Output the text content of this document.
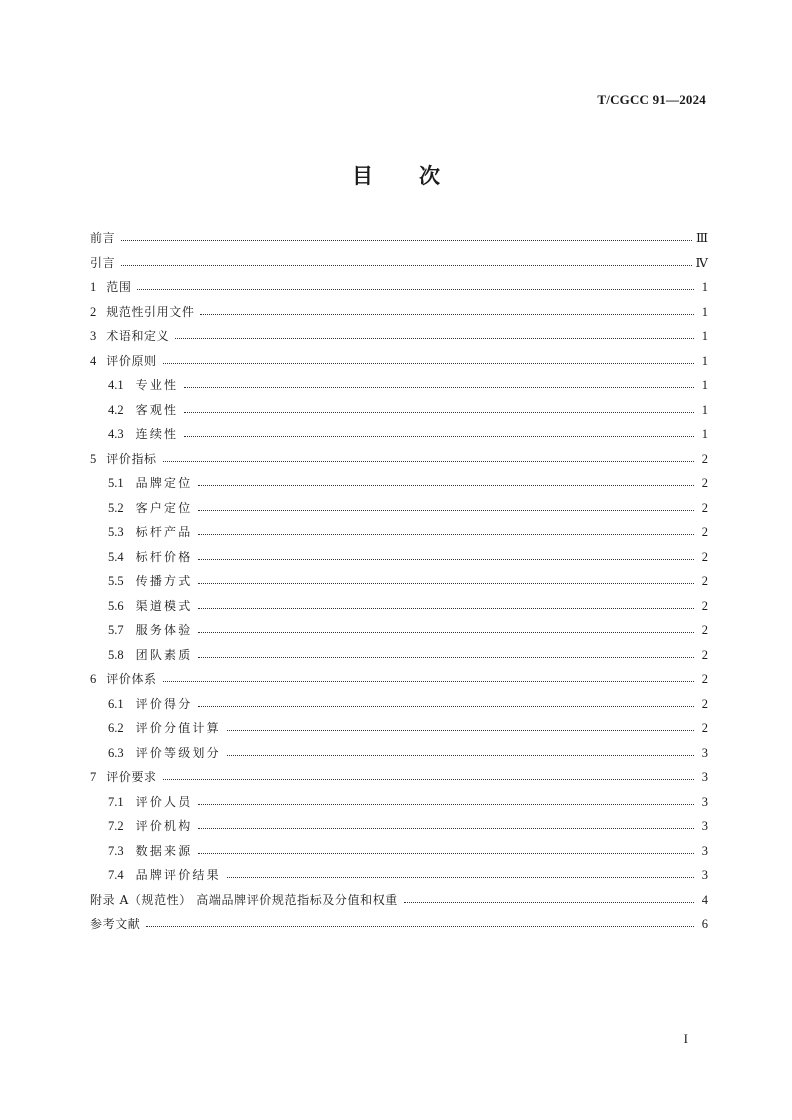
T/CGCC 91—2024
目 次
前言	Ⅲ
引言	Ⅳ
1 范围	1
2 规范性引用文件	1
3 术语和定义	1
4 评价原则	1
4.1 专业性	1
4.2 客观性	1
4.3 连续性	1
5 评价指标	2
5.1 品牌定位	2
5.2 客户定位	2
5.3 标杆产品	2
5.4 标杆价格	2
5.5 传播方式	2
5.6 渠道模式	2
5.7 服务体验	2
5.8 团队素质	2
6 评价体系	2
6.1 评价得分	2
6.2 评价分值计算	2
6.3 评价等级划分	3
7 评价要求	3
7.1 评价人员	3
7.2 评价机构	3
7.3 数据来源	3
7.4 品牌评价结果	3
附录 A（规范性） 高端品牌评价规范指标及分值和权重	4
参考文献	6
I
